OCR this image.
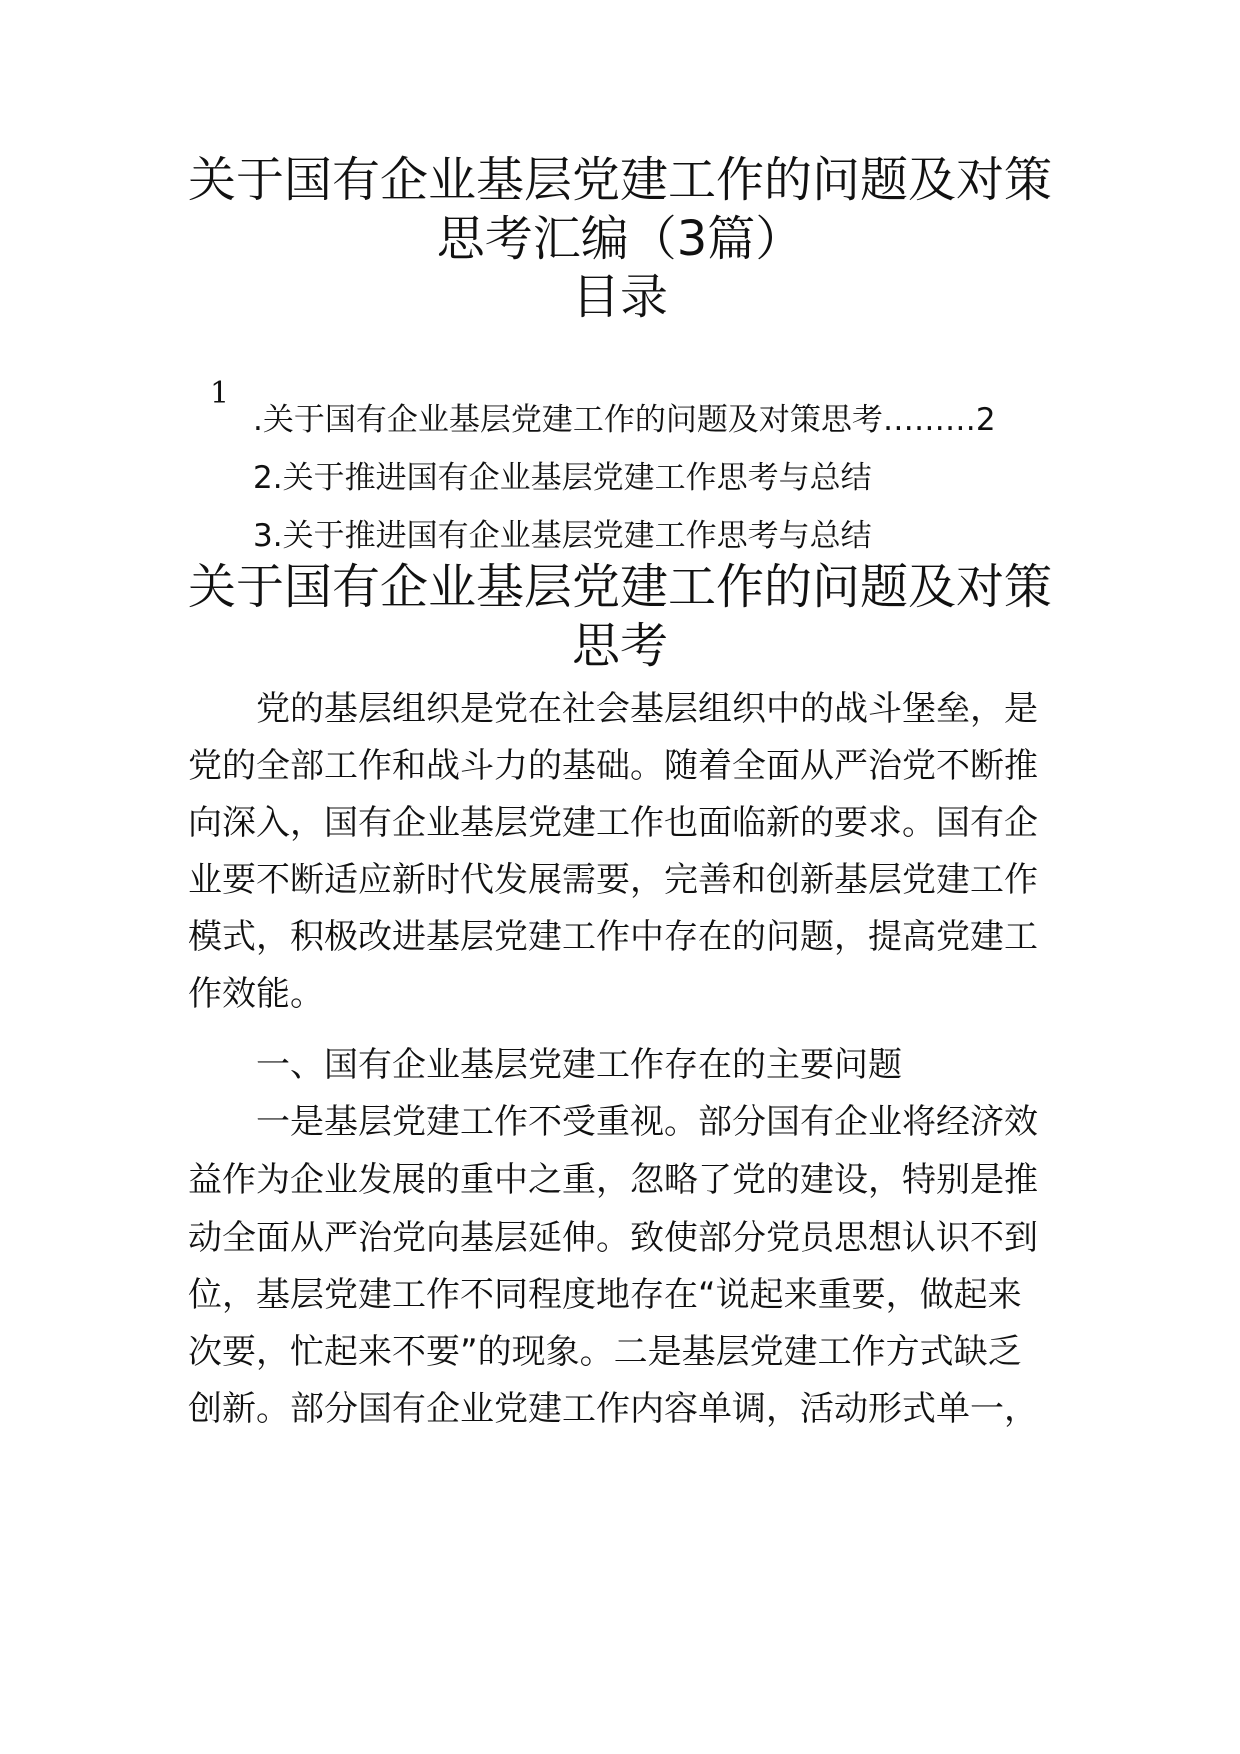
关于国有企业基层党建工作的问题及对策
思考汇编（3篇）
目录
1
.关于国有企业基层党建工作的问题及对策思考………2
2.关于推进国有企业基层党建工作思考与总结
3.关于推进国有企业基层党建工作思考与总结
关于国有企业基层党建工作的问题及对策
思考
党的基层组织是党在社会基层组织中的战斗堡垒，是
党的全部工作和战斗力的基础。随着全面从严治党不断推
向深入，国有企业基层党建工作也面临新的要求。国有企
业要不断适应新时代发展需要，完善和创新基层党建工作
模式，积极改进基层党建工作中存在的问题，提高党建工
作效能。
一、国有企业基层党建工作存在的主要问题
一是基层党建工作不受重视。部分国有企业将经济效
益作为企业发展的重中之重，忽略了党的建设，特别是推
动全面从严治党向基层延伸。致使部分党员思想认识不到
位，基层党建工作不同程度地存在“说起来重要，做起来
次要，忙起来不要”的现象。二是基层党建工作方式缺乏
创新。部分国有企业党建工作内容单调，活动形式单一，
